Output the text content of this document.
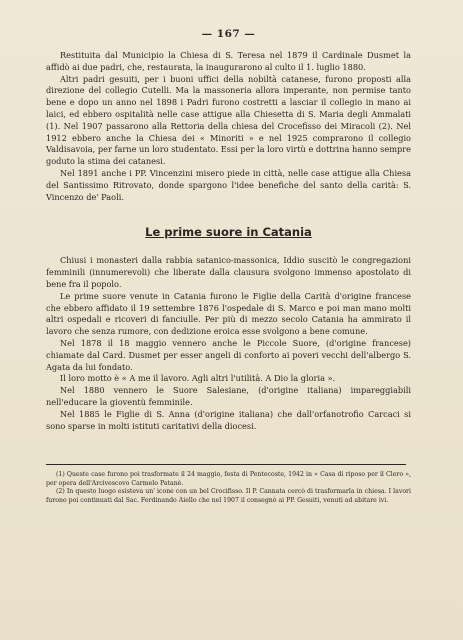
— 167 —

Restituita dal Municipio la Chiesa di S. Teresa nel 1879 il Cardinale Dusmet la affidò ai due padri, che, restaurata, la inaugurarono al culto il 1. luglio 1880.

Altri padri gesuiti, per i buoni uffici della nobiltà catanese, furono proposti alla direzione del collegio Cutelli. Ma la massoneria allora imperante, non permise tanto bene e dopo un anno nel 1898 i Padri furono costretti a lasciar il collegio in mano ai laici, ed ebbero ospitalità nelle case attigue alla Chiesetta di S. Maria degli Ammalati (1). Nel 1907 passarono alla Rettoria della chiesa del Crocefisso dei Miracoli (2). Nel 1912 ebbero anche la Chiesa dei « Minoriti » e nel 1925 comprarono il collegio Valdisavoia, per farne un loro studentato. Essi per la loro virtù e dottrina hanno sempre goduto la stima dei catanesi.

Nel 1891 anche i PP. Vincenzini misero piede in città, nelle case attigue alla Chiesa del Santissimo Ritrovato, donde spargono l'idee benefiche del santo della carità: S. Vincenzo de' Paoli.

Le prime suore in Catania

Chiusi i monasteri dalla rabbia satanico-massonica, Iddio suscitò le congregazioni femminili (innumerevoli) che liberate dalla clausura svolgono immenso apostolato di bene fra il popolo.

Le prime suore venute in Catania furono le Figlie della Carità d'origine francese che ebbero affidato il 19 settembre 1876 l'ospedale di S. Marco e poi man mano molti altri ospedali e ricoveri di fanciulle. Per più di mezzo secolo Catania ha ammirato il lavoro che senza rumore, con dedizione eroica esse svolgono a bene comune.

Nel 1878 il 18 maggio vennero anche le Piccole Suore, (d'origine francese) chiamate dal Card. Dusmet per esser angeli di conforto ai poveri vecchi dell'albergo S. Agata da lui fondato.

Il loro motto è « A me il lavoro. Agli altri l'utilità. A Dio la gloria ».

Nel 1880 vennero le Suore Salesiane, (d'origine italiana) impareggiabili nell'educare la gioventù femminile.

Nel 1885 le Figlie di S. Anna (d'origine italiana) che dall'orfanotrofio Carcaci si sono sparse in molti istituti caritativi della diocesi.

(1) Queste case furono poi trasformate il 24 maggio, festa di Pentecoste, 1942 in « Casa di riposo per il Clero », per opera dell'Arcivescovo Carmelo Patanè.

(2) In questo luogo esisteva un' icone con un bel Crocifisso. Il P. Cannata cercò di trasformarla in chiesa. I lavori furono poi continuati dal Sac. Ferdinando Aiello che nel 1907 il consegnò ai PP. Gesuiti, venuti ad abitare ivi.
